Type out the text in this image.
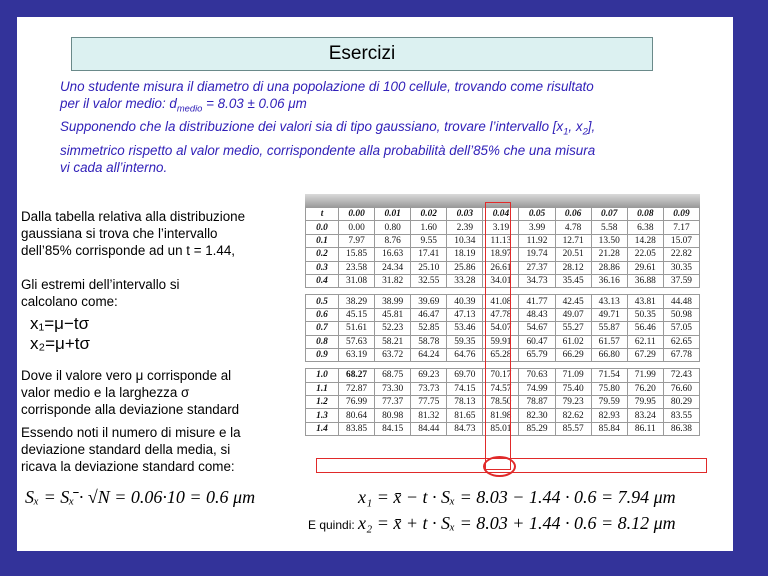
Esercizi
Uno studente misura il diametro di una popolazione di 100 cellule, trovando come risultato
per il valor medio: $d_{medio} = 8.03 \pm 0.06$ μm
Supponendo che la distribuzione dei valori sia di tipo gaussiano, trovare l’intervallo [$x_1$, $x_2$],
simmetrico rispetto al valor medio, corrispondente alla probabilità dell’85% che una misura
vi cada all’interno.
Dalla tabella relativa alla distribuzione
gaussiana si trova che l’intervallo
dell’85% corrisponde ad un t = 1.44,
Gli estremi dell’intervallo si
calcolano come:
x₁=μ−tσ
x₂=μ+tσ
Dove il valore vero μ corrisponde al
valor medio e la larghezza σ
corrisponde alla deviazione standard
Essendo noti il numero di misure e la
deviazione standard della media, si
ricava la deviazione standard come:
t	0.00	0.01	0.02	0.03	0.04	0.05	0.06	0.07	0.08	0.09
0.0	0.00	0.80	1.60	2.39	3.19	3.99	4.78	5.58	6.38	7.17
0.1	7.97	8.76	9.55	10.34	11.13	11.92	12.71	13.50	14.28	15.07
0.2	15.85	16.63	17.41	18.19	18.97	19.74	20.51	21.28	22.05	22.82
0.3	23.58	24.34	25.10	25.86	26.61	27.37	28.12	28.86	29.61	30.35
0.4	31.08	31.82	32.55	33.28	34.01	34.73	35.45	36.16	36.88	37.59

0.5	38.29	38.99	39.69	40.39	41.08	41.77	42.45	43.13	43.81	44.48
0.6	45.15	45.81	46.47	47.13	47.78	48.43	49.07	49.71	50.35	50.98
0.7	51.61	52.23	52.85	53.46	54.07	54.67	55.27	55.87	56.46	57.05
0.8	57.63	58.21	58.78	59.35	59.91	60.47	61.02	61.57	62.11	62.65
0.9	63.19	63.72	64.24	64.76	65.28	65.79	66.29	66.80	67.29	67.78

1.0	68.27	68.75	69.23	69.70	70.17	70.63	71.09	71.54	71.99	72.43
1.1	72.87	73.30	73.73	74.15	74.57	74.99	75.40	75.80	76.20	76.60
1.2	76.99	77.37	77.75	78.13	78.50	78.87	79.23	79.59	79.95	80.29
1.3	80.64	80.98	81.32	81.65	81.98	82.30	82.62	82.93	83.24	83.55
1.4	83.85	84.15	84.44	84.73	85.01	85.29	85.57	85.84	86.11	86.38
Sₓ = Sₓ̄ · √N = 0.06·10 = 0.6 μm	x₁ = x̄ − t · Sₓ = 8.03 − 1.44 · 0.6 = 7.94 μm
E quindi: x₂ = x̄ + t · Sₓ = 8.03 + 1.44 · 0.6 = 8.12 μm
